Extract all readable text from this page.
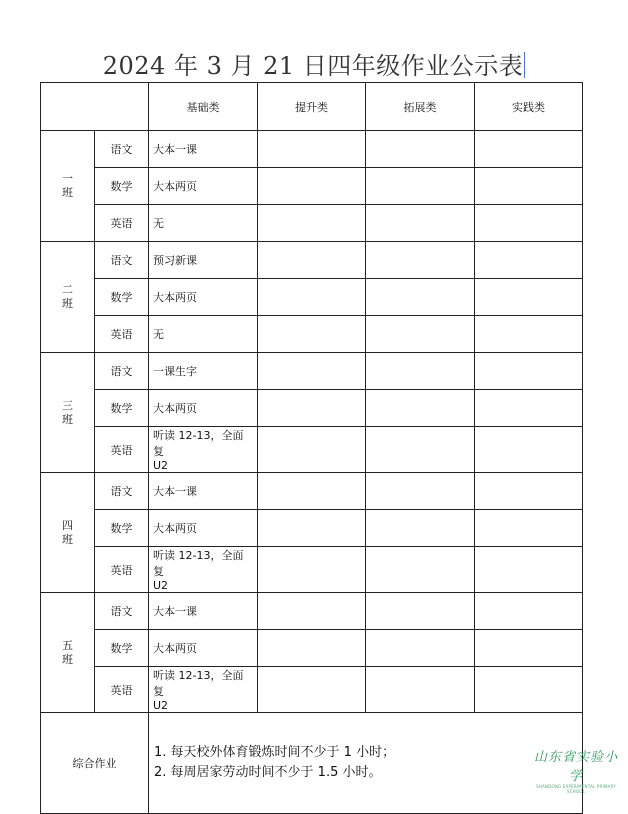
2024 年 3 月 21 日四年级作业公示表
		基础类	提升类	拓展类	实践类

一
班	语文	大本一课			

	数学	大本两页			

	英语	无			

二
班	语文	预习新课			

	数学	大本两页			

	英语	无			

三
班	语文	一课生字			

	数学	大本两页			

	英语	听读 12-13，全面复
U2			

四
班	语文	大本一课			

	数学	大本两页			

	英语	听读 12-13，全面复
U2			

五
班	语文	大本一课			

	数学	大本两页			

	英语	听读 12-13，全面复
U2			

综合作业		1. 每天校外体育锻炼时间不少于 1 小时；
2. 每周居家劳动时间不少于 1.5 小时。			
山东省实验小学
SHANDONG EXPERIMENTAL PRIMARY SCHOOL
